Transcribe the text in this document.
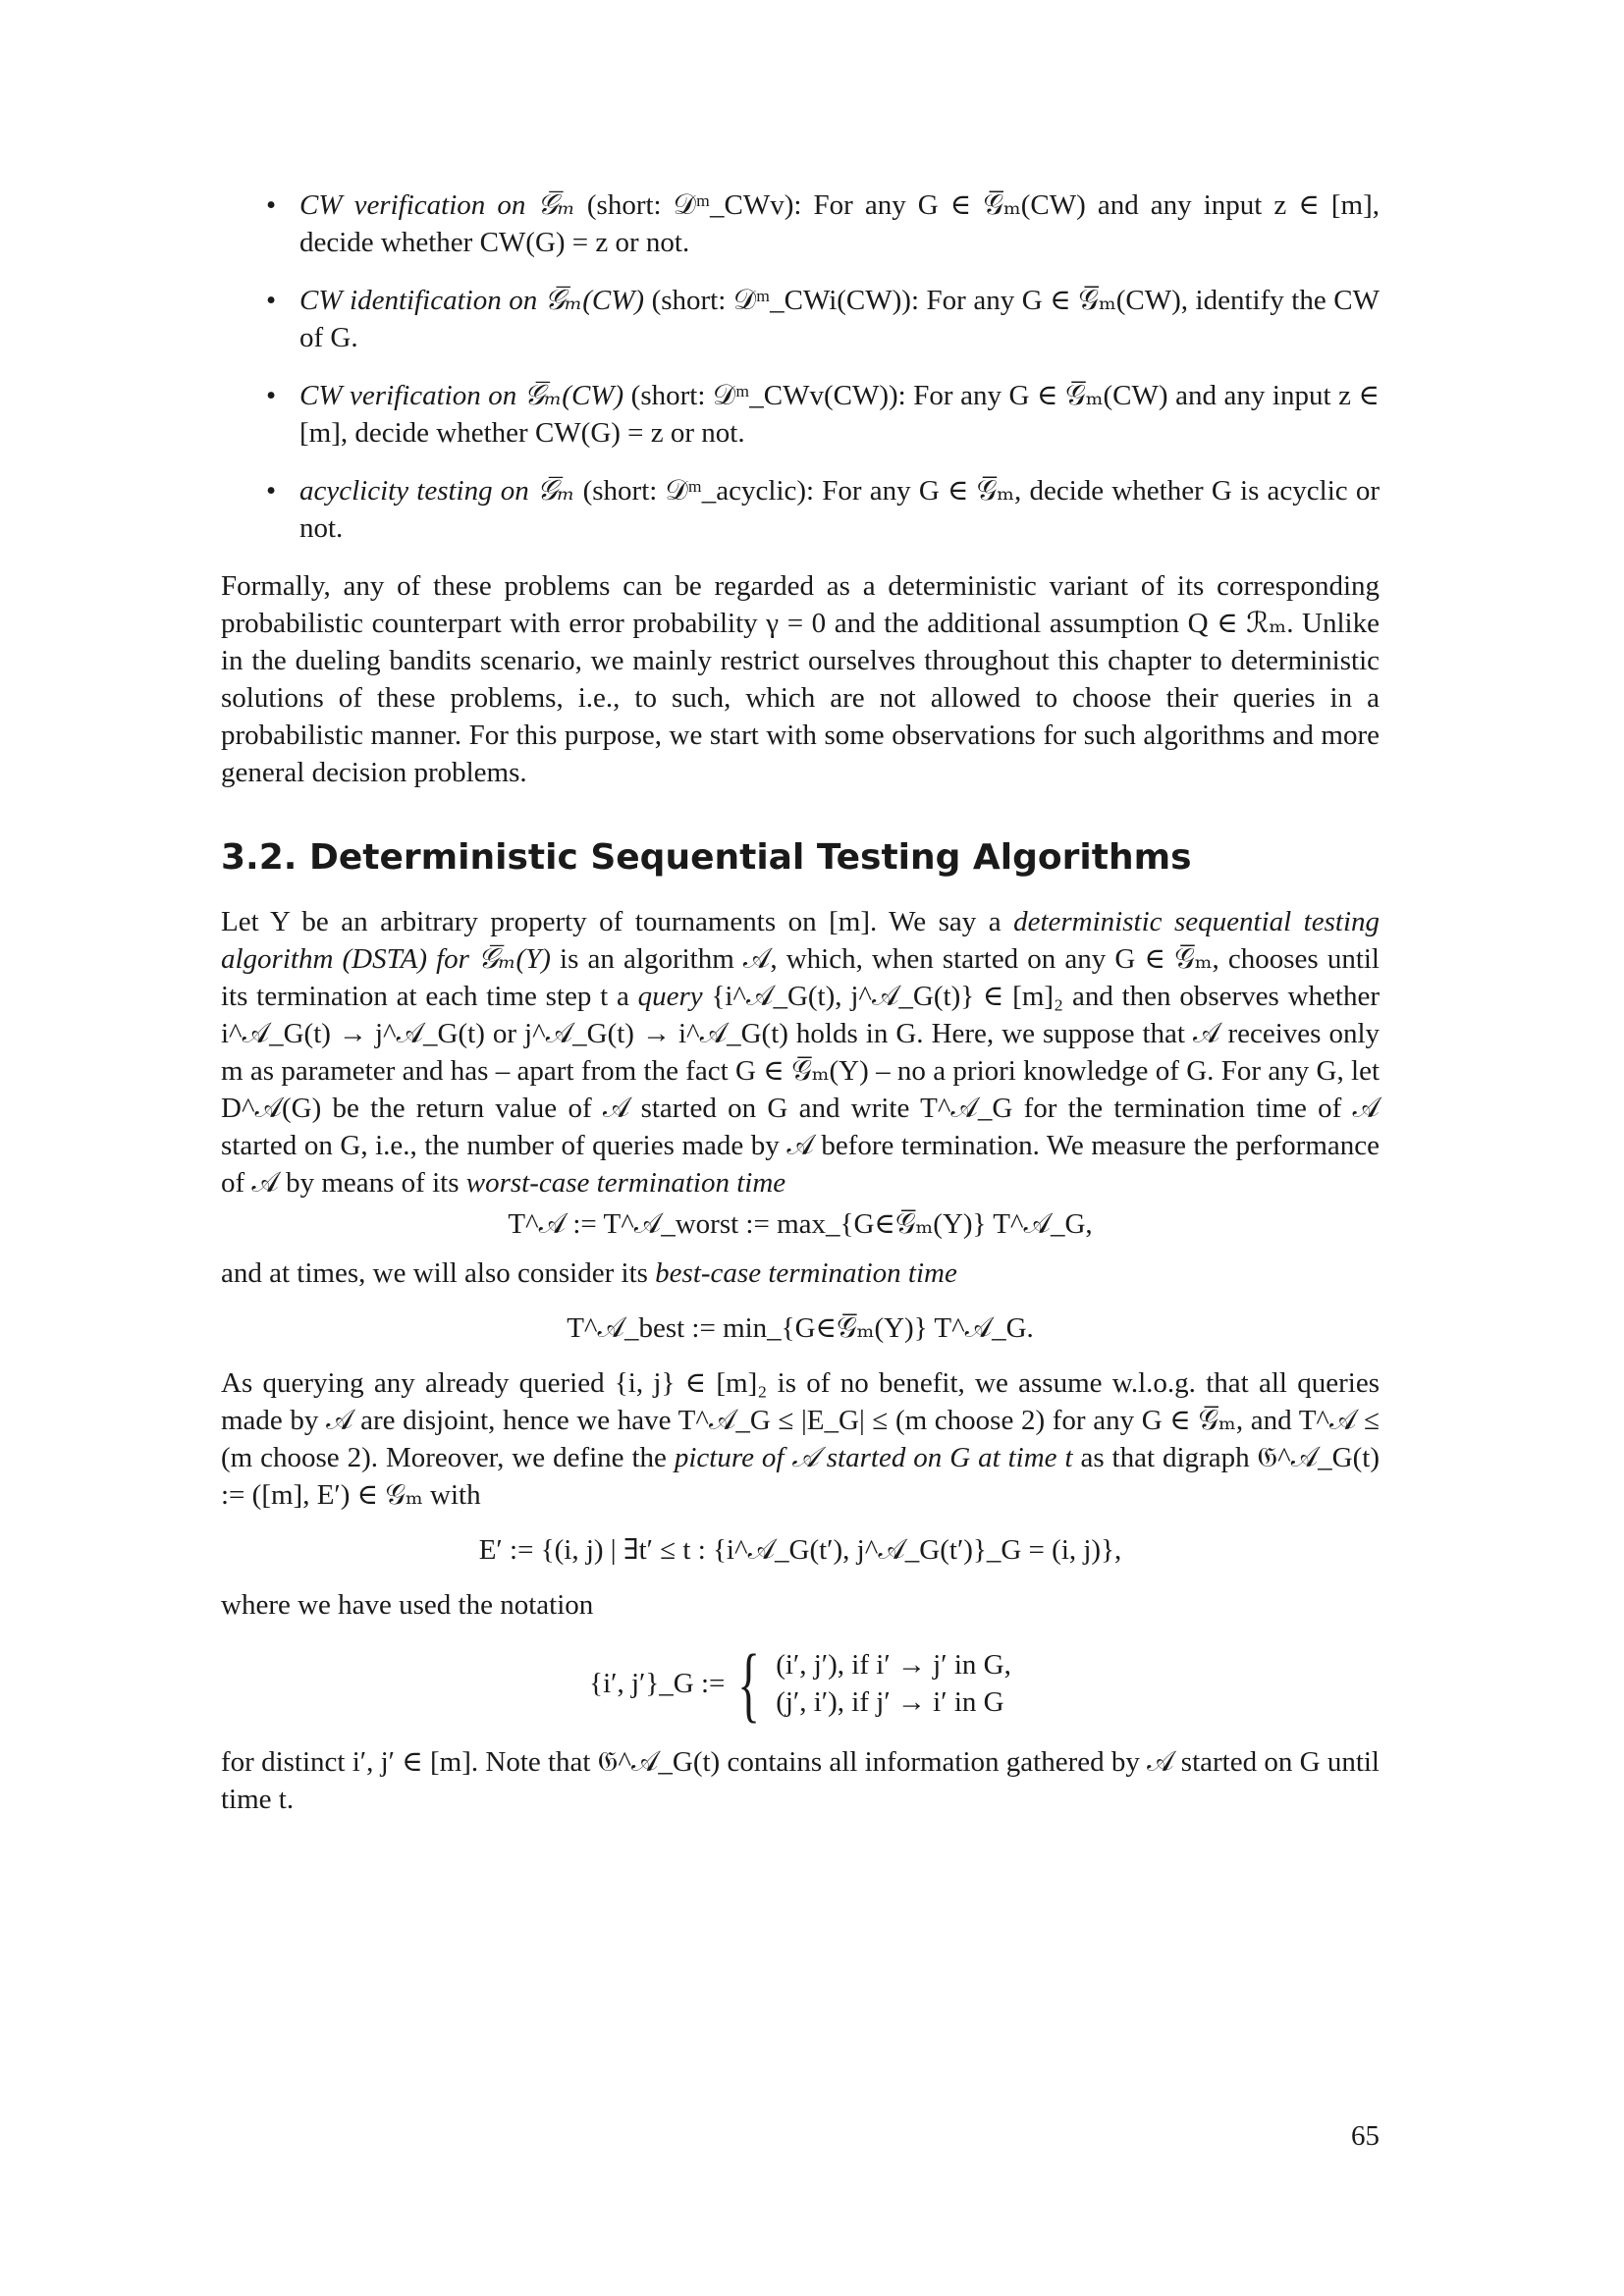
• CW verification on 𝒢̅ₘ (short: 𝒟ᵐ_CWv): For any G ∈ 𝒢̅ₘ(CW) and any input z ∈ [m], decide whether CW(G) = z or not.
• CW identification on 𝒢̅ₘ(CW) (short: 𝒟ᵐ_CWi(CW)): For any G ∈ 𝒢̅ₘ(CW), identify the CW of G.
• CW verification on 𝒢̅ₘ(CW) (short: 𝒟ᵐ_CWv(CW)): For any G ∈ 𝒢̅ₘ(CW) and any input z ∈ [m], decide whether CW(G) = z or not.
• acyclicity testing on 𝒢̅ₘ (short: 𝒟ᵐ_acyclic): For any G ∈ 𝒢̅ₘ, decide whether G is acyclic or not.

Formally, any of these problems can be regarded as a deterministic variant of its corresponding probabilistic counterpart with error probability γ = 0 and the additional assumption Q ∈ ℛₘ. Unlike in the dueling bandits scenario, we mainly restrict ourselves throughout this chapter to deterministic solutions of these problems, i.e., to such, which are not allowed to choose their queries in a probabilistic manner. For this purpose, we start with some observations for such algorithms and more general decision problems.

3.2. Deterministic Sequential Testing Algorithms

Let Y be an arbitrary property of tournaments on [m]. We say a deterministic sequential testing algorithm (DSTA) for 𝒢̅ₘ(Y) is an algorithm 𝒜, which, when started on any G ∈ 𝒢̅ₘ, chooses until its termination at each time step t a query {i^𝒜_G(t), j^𝒜_G(t)} ∈ [m]₂ and then observes whether i^𝒜_G(t) → j^𝒜_G(t) or j^𝒜_G(t) → i^𝒜_G(t) holds in G. Here, we suppose that 𝒜 receives only m as parameter and has – apart from the fact G ∈ 𝒢̅ₘ(Y) – no a priori knowledge of G. For any G, let D^𝒜(G) be the return value of 𝒜 started on G and write T^𝒜_G for the termination time of 𝒜 started on G, i.e., the number of queries made by 𝒜 before termination. We measure the performance of 𝒜 by means of its worst-case termination time

T^𝒜 := T^𝒜_worst := max_{G∈𝒢̅ₘ(Y)} T^𝒜_G,

and at times, we will also consider its best-case termination time

T^𝒜_best := min_{G∈𝒢̅ₘ(Y)} T^𝒜_G.

As querying any already queried {i, j} ∈ [m]₂ is of no benefit, we assume w.l.o.g. that all queries made by 𝒜 are disjoint, hence we have T^𝒜_G ≤ |E_G| ≤ (m choose 2) for any G ∈ 𝒢̅ₘ, and T^𝒜 ≤ (m choose 2). Moreover, we define the picture of 𝒜 started on G at time t as that digraph 𝔊^𝒜_G(t) := ([m], E′) ∈ 𝒢ₘ with

E′ := {(i, j) | ∃t′ ≤ t : {i^𝒜_G(t′), j^𝒜_G(t′)}_G = (i, j)},

where we have used the notation

{i′, j′}_G := { (i′, j′), if i′ → j′ in G,
(j′, i′), if j′ → i′ in G

for distinct i′, j′ ∈ [m]. Note that 𝔊^𝒜_G(t) contains all information gathered by 𝒜 started on G until time t.

65
